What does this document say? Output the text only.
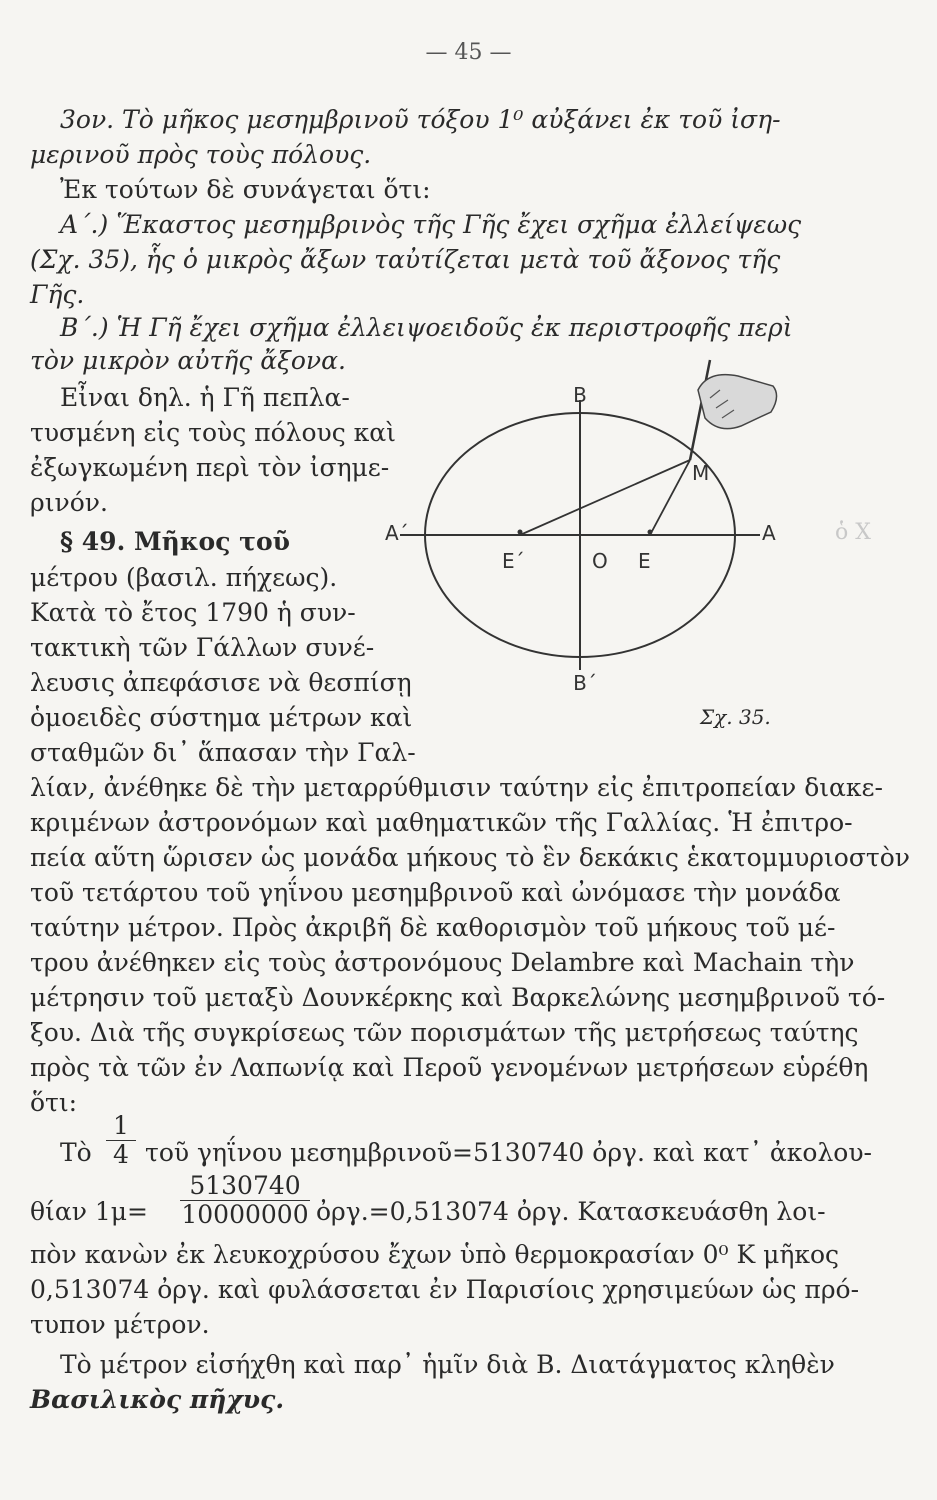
— 45 —
3ον. Τὸ μῆκος μεσημβρινοῦ τόξου 1⁰ αὐξάνει ἐκ τοῦ ἰση-
μερινοῦ πρὸς τοὺς πόλους.
Ἐκ τούτων δὲ συνάγεται ὅτι:
Α΄.) Ἕκαστος μεσημβρινὸς τῆς Γῆς ἔχει σχῆμα ἐλλείψεως
(Σχ. 35), ἧς ὁ μικρὸς ἄξων ταὐτίζεται μετὰ τοῦ ἄξονος τῆς
Γῆς.
Β΄.) Ἡ Γῆ ἔχει σχῆμα ἐλλειψοειδοῦς ἐκ περιστροφῆς περὶ
τὸν μικρὸν αὐτῆς ἄξονα.
Εἶναι δηλ. ἡ Γῆ πεπλα-
τυσμένη εἰς τοὺς πόλους καὶ
ἐξωγκωμένη περὶ τὸν ἰσημε-
ρινόν.
§ 49. Μῆκος τοῦ
μέτρου (βασιλ. πήχεως).
Κατὰ τὸ ἔτος 1790 ἡ συν-
τακτικὴ τῶν Γάλλων συνέ-
λευσις ἀπεφάσισε νὰ θεσπίσῃ
ὁμοειδὲς σύστημα μέτρων καὶ
σταθμῶν δι᾿ ἅπασαν τὴν Γαλ-
λίαν, ἀνέθηκε δὲ τὴν μεταρρύθμισιν ταύτην εἰς ἐπιτροπείαν διακε-
κριμένων ἀστρονόμων καὶ μαθηματικῶν τῆς Γαλλίας. Ἡ ἐπιτρο-
πεία αὕτη ὥρισεν ὡς μονάδα μήκους τὸ ἓν δεκάκις ἑκατομμυριοστὸν
τοῦ τετάρτου τοῦ γηΐνου μεσημβρινοῦ καὶ ὠνόμασε τὴν μονάδα
ταύτην μέτρον. Πρὸς ἀκριβῆ δὲ καθορισμὸν τοῦ μήκους τοῦ μέ-
τρου ἀνέθηκεν εἰς τοὺς ἀστρονόμους Delambre καὶ Machain τὴν
μέτρησιν τοῦ μεταξὺ Δουνκέρκης καὶ Βαρκελώνης μεσημβρινοῦ τό-
ξου. Διὰ τῆς συγκρίσεως τῶν πορισμάτων τῆς μετρήσεως ταύτης
πρὸς τὰ τῶν ἐν Λαπωνίᾳ καὶ Περοῦ γενομένων μετρήσεων εὑρέθη
ὅτι:
Τὸ $\frac{1}{4}$ τοῦ γηΐνου μεσημβρινοῦ=5130740 ὀργ. καὶ κατ᾿ ἀκολου-
θίαν $1\mu= \frac{5130740}{10000000}$ ὀργ.=0,513074 ὀργ. Κατασκευάσθη λοι-
πὸν κανὼν ἐκ λευκοχρύσου ἔχων ὑπὸ θερμοκρασίαν 0⁰ Κ μῆκος
0,513074 ὀργ. καὶ φυλάσσεται ἐν Παρισίοις χρησιμεύων ὡς πρό-
τυπον μέτρον.
Τὸ μέτρον εἰσήχθη καὶ παρ᾿ ἡμῖν διὰ Β. Διατάγματος κληθὲν
Βασιλικὸς πῆχυς.
B
B΄
A΄	A
O
E΄	E
M
Σχ. 35.
ὁ Χ
